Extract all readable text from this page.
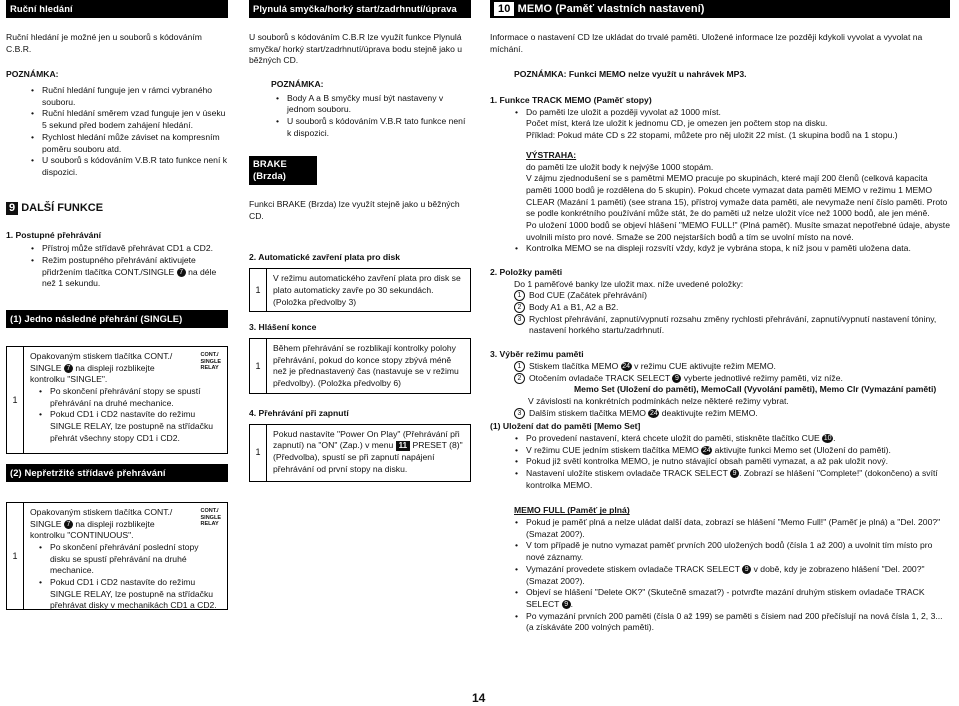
Ruční hledání

Ruční hledání je možné jen u souborů s kódováním C.B.R.

POZNÁMKA:

• Ruční hledání funguje jen v rámci vybraného souboru.
• Ruční hledání směrem vzad funguje jen v úseku 5 sekund před bodem zahájení hledání.
• Rychlost hledání může záviset na kompresním poměru souboru atd.
• U souborů s kódováním V.B.R tato funkce není k dispozici.
9 DALŠÍ FUNKCE

1. Postupné přehrávání

• Přístroj může střídavě přehrávat CD1 a CD2.
• Režim postupného přehrávání aktivujete přidržením tlačítka CONT./SINGLE 7 na déle než 1 sekundu.
(1) Jedno následné přehrání (SINGLE)
1
CONT./
SINGLE
RELAY

Opakovaným stiskem tlačítka CONT./ SINGLE 7 na displeji rozblikejte kontrolku "SINGLE".

• Po skončení přehrávání stopy se spustí přehrávání na druhé mechanice.
• Pokud CD1 i CD2 nastavíte do režimu SINGLE RELAY, lze postupně na střídačku přehrát všechny stopy CD1 i CD2.
(2) Nepřetržité střídavé přehrávání
1
CONT./
SINGLE
RELAY

Opakovaným stiskem tlačítka CONT./ SINGLE 7 na displeji rozblikejte kontrolku "CONTINUOUS".

• Po skončení přehrávání poslední stopy disku se spustí přehrávání na druhé mechanice.
• Pokud CD1 i CD2 nastavíte do režimu SINGLE RELAY, lze postupně na střídačku přehrávat disky v mechanikách CD1 a CD2.
Plynulá smyčka/horký start/zadrhnutí/úprava bodu B

U souborů s kódováním C.B.R lze využít funkce Plynulá smyčka/ horký start/zadrhnutí/úprava bodu stejně jako u běžných CD.

POZNÁMKA:

• Body A a B smyčky musí být nastaveny v jednom souboru.
• U souborů s kódováním V.B.R tato funkce není k dispozici.
BRAKE (Brzda)

Funkci BRAKE (Brzda) lze využít stejně jako u běžných CD.

2. Automatické zavření plata pro disk

1
V režimu automatického zavření plata pro disk se plato automaticky zavře po 30 sekundách. (Položka předvolby 3)

3. Hlášení konce

1
Během přehrávání se rozblikají kontrolky polohy přehrávání, pokud do konce stopy zbývá méně než je přednastavený čas (nastavuje se v režimu předvolby). (Položka předvolby 6)

4. Přehrávání při zapnutí

1
Pokud nastavíte "Power On Play" (Přehrávání při zapnutí) na "ON" (Zap.) v menu 11 PRESET (8)" (Předvolba), spustí se při zapnutí napájení přehrávání od první stopy na disku.
10 MEMO (Paměť vlastních nastavení)

Informace o nastavení CD lze ukládat do trvalé paměti. Uložené informace lze později kdykoli vyvolat a vyvolat na míchání.

POZNÁMKA: Funkci MEMO nelze využít u nahrávek MP3.

1. Funkce TRACK MEMO (Paměť stopy)

• Do paměti lze uložit a později vyvolat až 1000 míst.

Počet míst, která lze uložit k jednomu CD, je omezen jen počtem stop na disku.

Příklad: Pokud máte CD s 22 stopami, můžete pro něj uložit 22 míst. (1 skupina bodů na 1 stopu.)

VÝSTRAHA:

do paměti lze uložit body k nejvýše 1000 stopám.

V zájmu zjednodušení se s pamětmi MEMO pracuje po skupinách, které mají 200 členů (celková kapacita paměti 1000 bodů je rozdělena do 5 skupin). Pokud chcete vymazat data paměti MEMO v režimu 1 MEMO CLEAR (Mazání 1 paměti) (see strana 15), přístroj vymaže data paměti, ale nevymaže není číslo paměti. Proto se podle konkrétního používání může stát, že do paměti už nelze uložit více než 1000 bodů, ale jen méně.

Po uložení 1000 bodů se objeví hlášení "MEMO FULL!" (Plná paměť). Musíte smazat nepotřebné údaje, abyste uvolnili místo pro nové. Smaže se 200 nejstarších bodů a tím se uvolní místo na nové.

• Kontrolka MEMO se na displeji rozsvítí vždy, když je vybrána stopa, k níž jsou v paměti uložena data.

2. Položky paměti

Do 1 paměťové banky lze uložit max. níže uvedené položky:

1 Bod CUE (Začátek přehrávání)
2 Body A1 a B1, A2 a B2.
3 Rychlost přehrávání, zapnutí/vypnutí rozsahu změny rychlosti přehrávání, zapnutí/vypnutí nastavení tóniny, nastavení horkého startu/zadrhnutí.

3. Výběr režimu paměti

1 Stiskem tlačítka MEMO 24 v režimu CUE aktivujte režim MEMO.
2 Otočením ovladače TRACK SELECT 9 vyberte jednotlivé režimy paměti, viz níže.

Memo Set (Uložení do paměti), MemoCall (Vyvolání paměti), Memo Clr (Vymazání paměti)

V závislosti na konkrétních podmínkách nelze některé režimy vybrat.

3 Dalším stiskem tlačítka MEMO 24 deaktivujte režim MEMO.

(1) Uložení dat do paměti [Memo Set]

• Po provedení nastavení, která chcete uložit do paměti, stiskněte tlačítko CUE 10 .
• V režimu CUE jedním stiskem tlačítka MEMO 24 aktivujte funkci Memo set (Uložení do paměti).
• Pokud již světí kontrolka MEMO, je nutno stávající obsah paměti vymazat, a až pak uložit nový.
• Nastavení uložíte stiskem ovladače TRACK SELECT 9 . Zobrazí se hlášení "Complete!" (dokončeno) a svítí kontrolka MEMO.

MEMO FULL (Paměť je plná)

• Pokud je paměť plná a nelze uládat další data, zobrazí se hlášení "Memo Full!" (Paměť je plná) a "Del. 200?" (Smazat 200?).
• V tom případě je nutno vymazat paměť prvních 200 uložených bodů (čísla 1 až 200) a uvolnit tím místo pro nové záznamy.
• Vymazání provedete stiskem ovladače TRACK SELECT 9 v době, kdy je zobrazeno hlášení "Del. 200?" (Smazat 200?).
• Objeví se hlášení "Delete OK?" (Skutečně smazat?) - potvrďte mazání druhým stiskem ovladače TRACK SELECT 9 .
• Po vymazání prvních 200 paměti (čísla 0 až 199) se paměti s čísiem nad 200 přečíslují na nová čísla 1, 2, 3... (a získáváte 200 volných paměti).
14
